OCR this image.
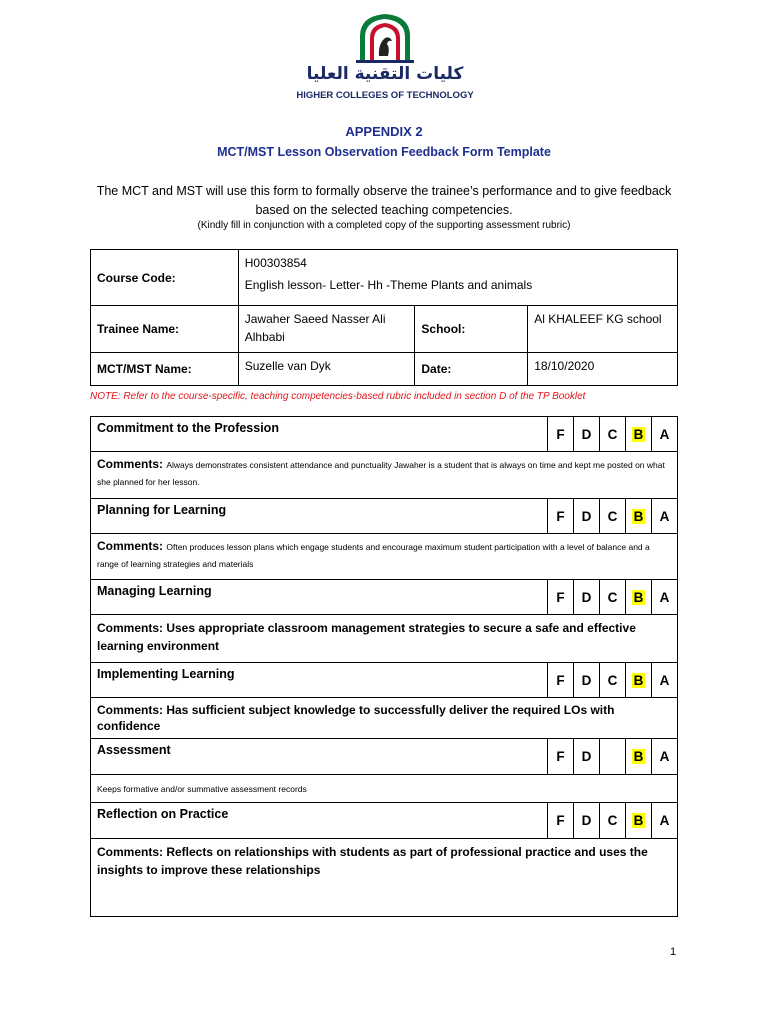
كليات التقنية العليا
HIGHER COLLEGES OF TECHNOLOGY
APPENDIX 2
MCT/MST Lesson Observation Feedback Form Template
The MCT and MST will use this form to formally observe the trainee’s performance and to give feedback based on the selected teaching competencies.
(Kindly fill in conjunction with a completed copy of the supporting assessment rubric)
Course Code:	H00303854
English lesson- Letter- Hh -Theme Plants and animals		

Trainee Name:	Jawaher Saeed Nasser Ali Alhbabi	School:	Al KHALEEF KG school
MCT/MST Name:	Suzelle van Dyk	Date:	18/10/2020
NOTE: Refer to the course-specific, teaching competencies-based rubric included in section D of the TP Booklet
Commitment to the Profession	F	D	C	B	A
Comments: Always demonstrates consistent attendance and punctuality Jawaher is a student that is always on time and kept me posted on what she planned for her lesson.					
Planning for Learning	F	D	C	B	A
Comments: Often produces lesson plans which engage students and encourage maximum student participation with a level of balance and a range of learning strategies and materials					
Managing Learning	F	D	C	B	A
Comments: Uses appropriate classroom management strategies to secure a safe and effective learning environment					
Implementing Learning	F	D	C	B	A
Comments: Has sufficient subject knowledge to successfully deliver the required LOs with confidence					
Assessment	F	D		B	A
Keeps formative and/or summative assessment records					
Reflection on Practice	F	D	C	B	A
Comments: Reflects on relationships with students as part of professional practice and uses the insights to improve these relationships					
1
